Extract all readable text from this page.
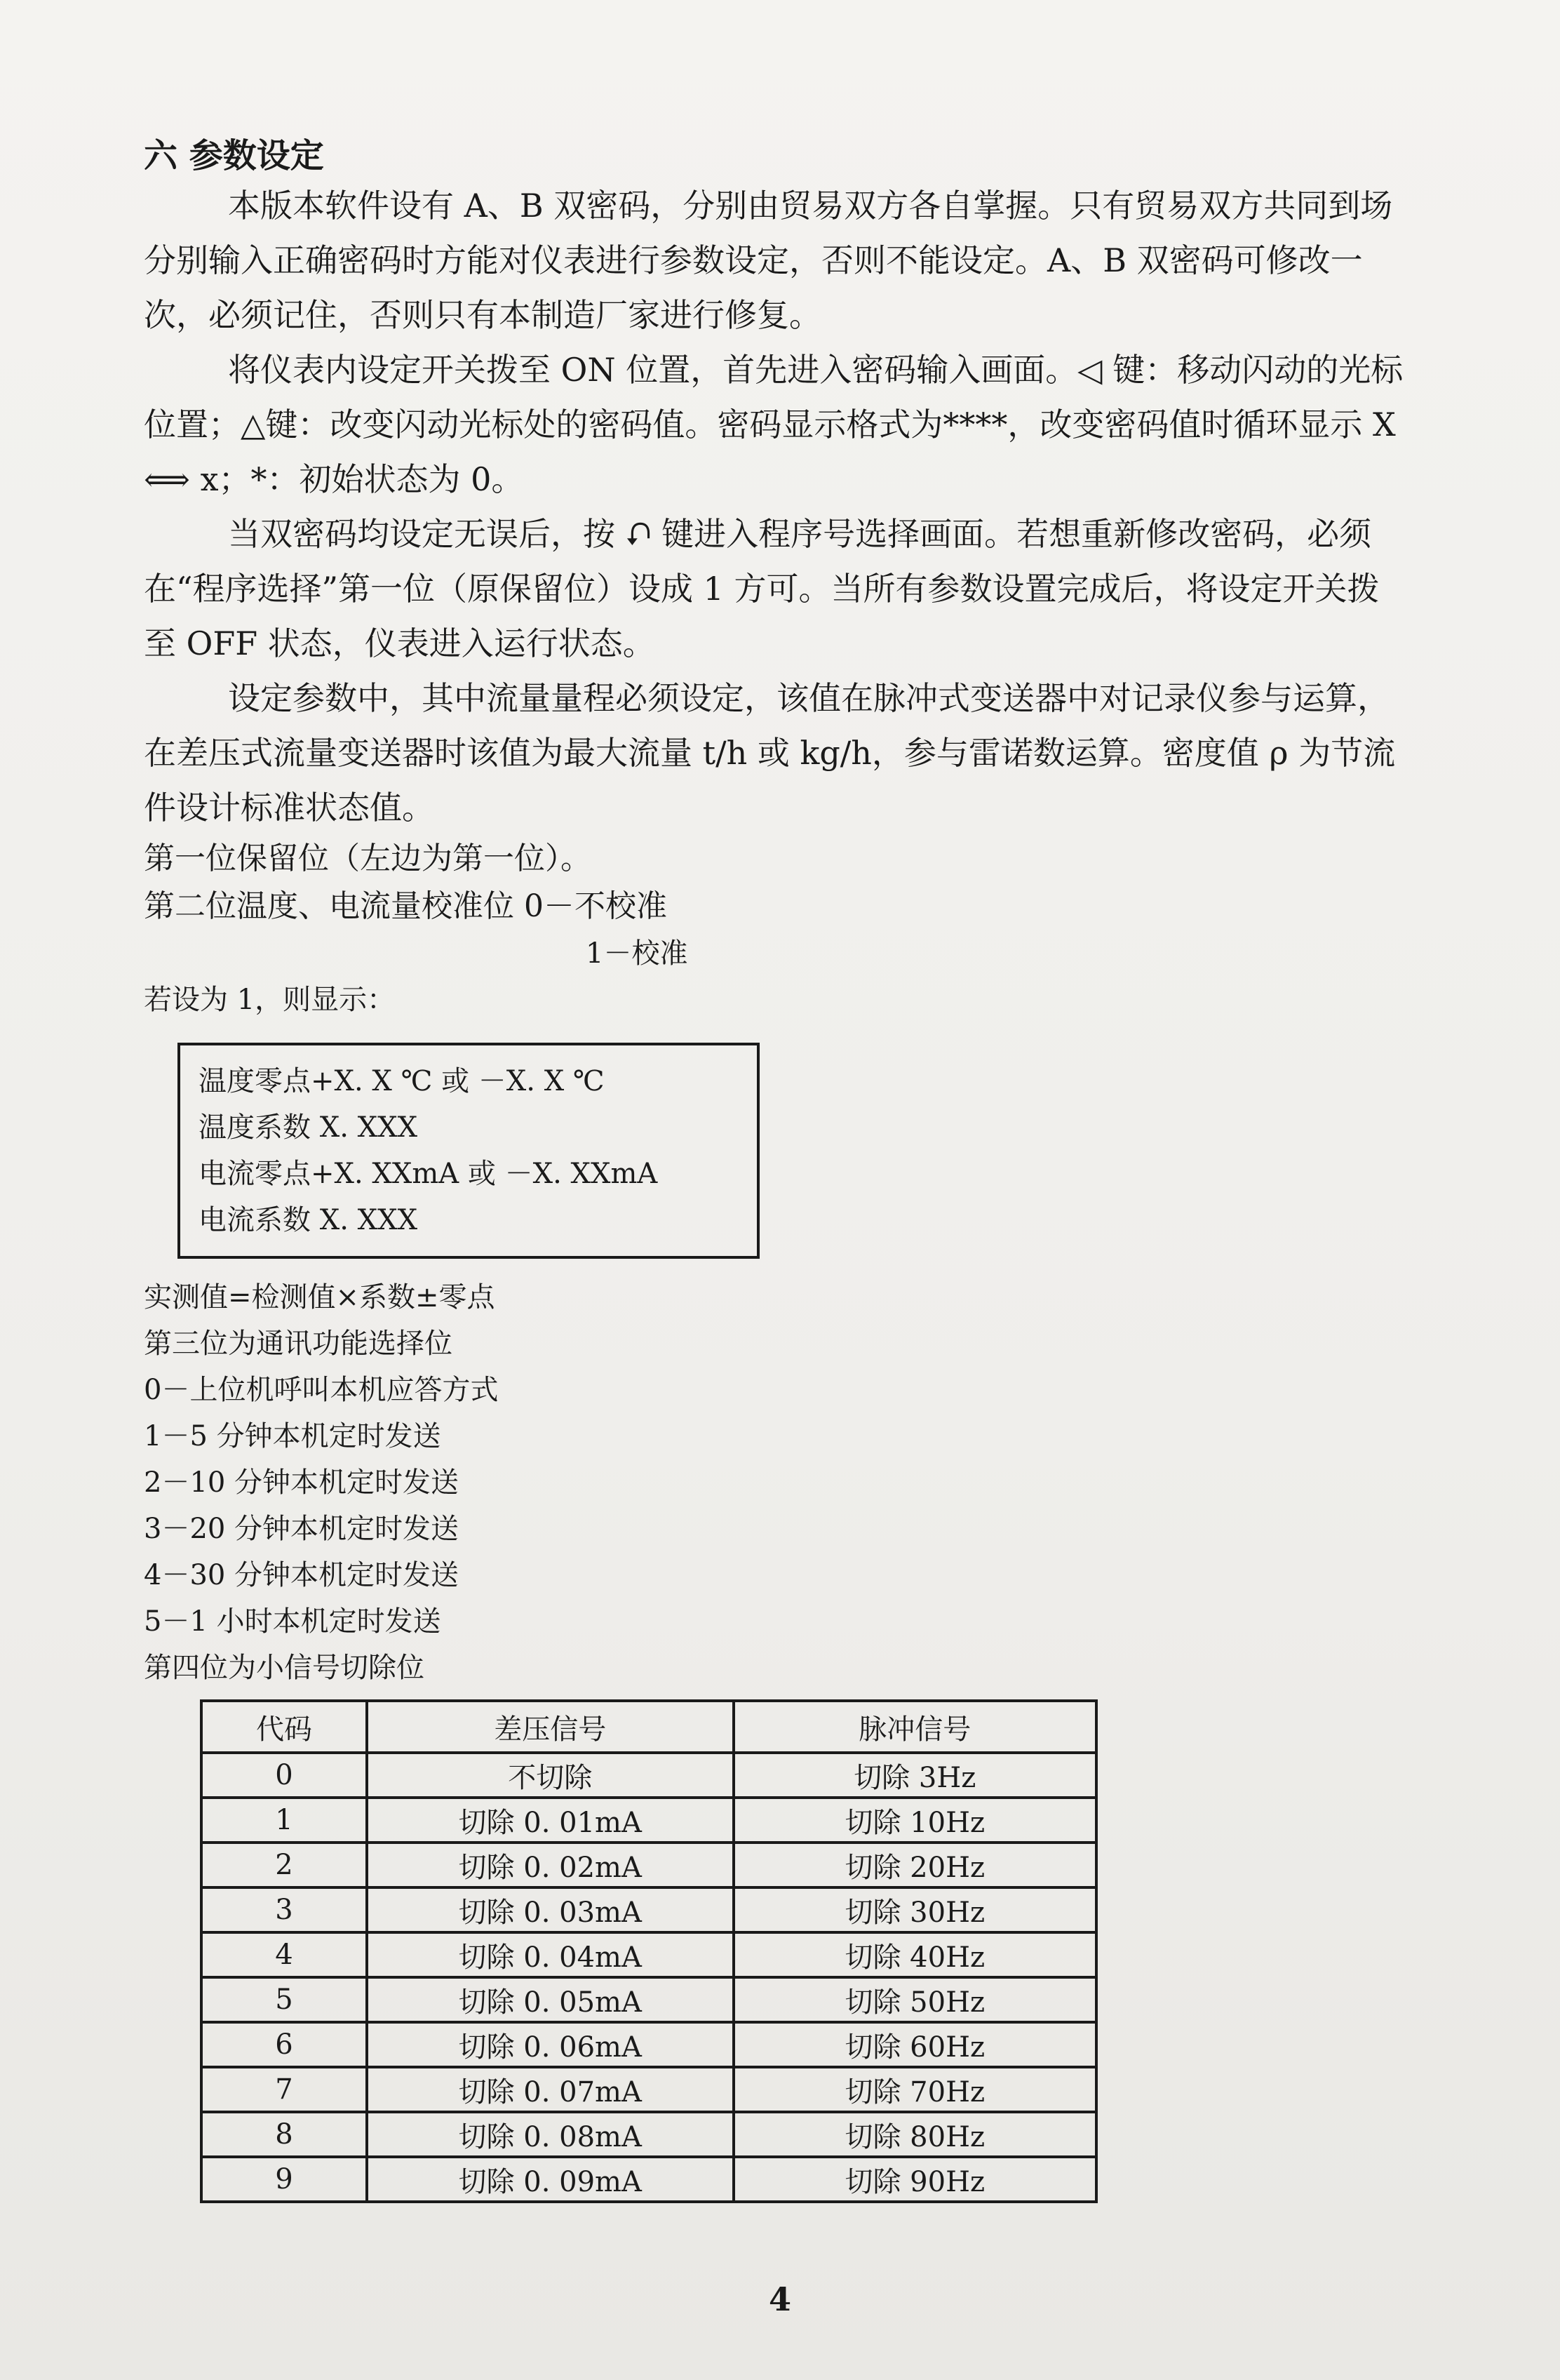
六 参数设定

本版本软件设有 A、B 双密码，分别由贸易双方各自掌握。只有贸易双方共同到场分别输入正确密码时方能对仪表进行参数设定，否则不能设定。A、B 双密码可修改一次，必须记住，否则只有本制造厂家进行修复。

将仪表内设定开关拨至 ON 位置，首先进入密码输入画面。◁ 键：移动闪动的光标位置；△键：改变闪动光标处的密码值。密码显示格式为****，改变密码值时循环显示 X ⟺ x；*：初始状态为 0。

当双密码均设定无误后，按 ⮏ 键进入程序号选择画面。若想重新修改密码，必须在“程序选择”第一位（原保留位）设成 1 方可。当所有参数设置完成后，将设定开关拨至 OFF 状态，仪表进入运行状态。

设定参数中，其中流量量程必须设定，该值在脉冲式变送器中对记录仪参与运算，在差压式流量变送器时该值为最大流量 t/h 或 kg/h，参与雷诺数运算。密度值 ρ 为节流件设计标准状态值。

第一位保留位（左边为第一位）。

第二位温度、电流量校准位 0－不校准

1－校准

若设为 1，则显示：

温度零点+X. X ℃ 或 －X. X ℃
温度系数 X. XXX
电流零点+X. XXmA 或 －X. XXmA
电流系数 X. XXX

实测值=检测值×系数±零点

第三位为通讯功能选择位

0－上位机呼叫本机应答方式

1－5 分钟本机定时发送

2－10 分钟本机定时发送

3－20 分钟本机定时发送

4－30 分钟本机定时发送

5－1 小时本机定时发送

第四位为小信号切除位

代码	差压信号	脉冲信号
0	不切除	切除 3Hz
1	切除 0. 01mA	切除 10Hz
2	切除 0. 02mA	切除 20Hz
3	切除 0. 03mA	切除 30Hz
4	切除 0. 04mA	切除 40Hz
5	切除 0. 05mA	切除 50Hz
6	切除 0. 06mA	切除 60Hz
7	切除 0. 07mA	切除 70Hz
8	切除 0. 08mA	切除 80Hz
9	切除 0. 09mA	切除 90Hz
4
